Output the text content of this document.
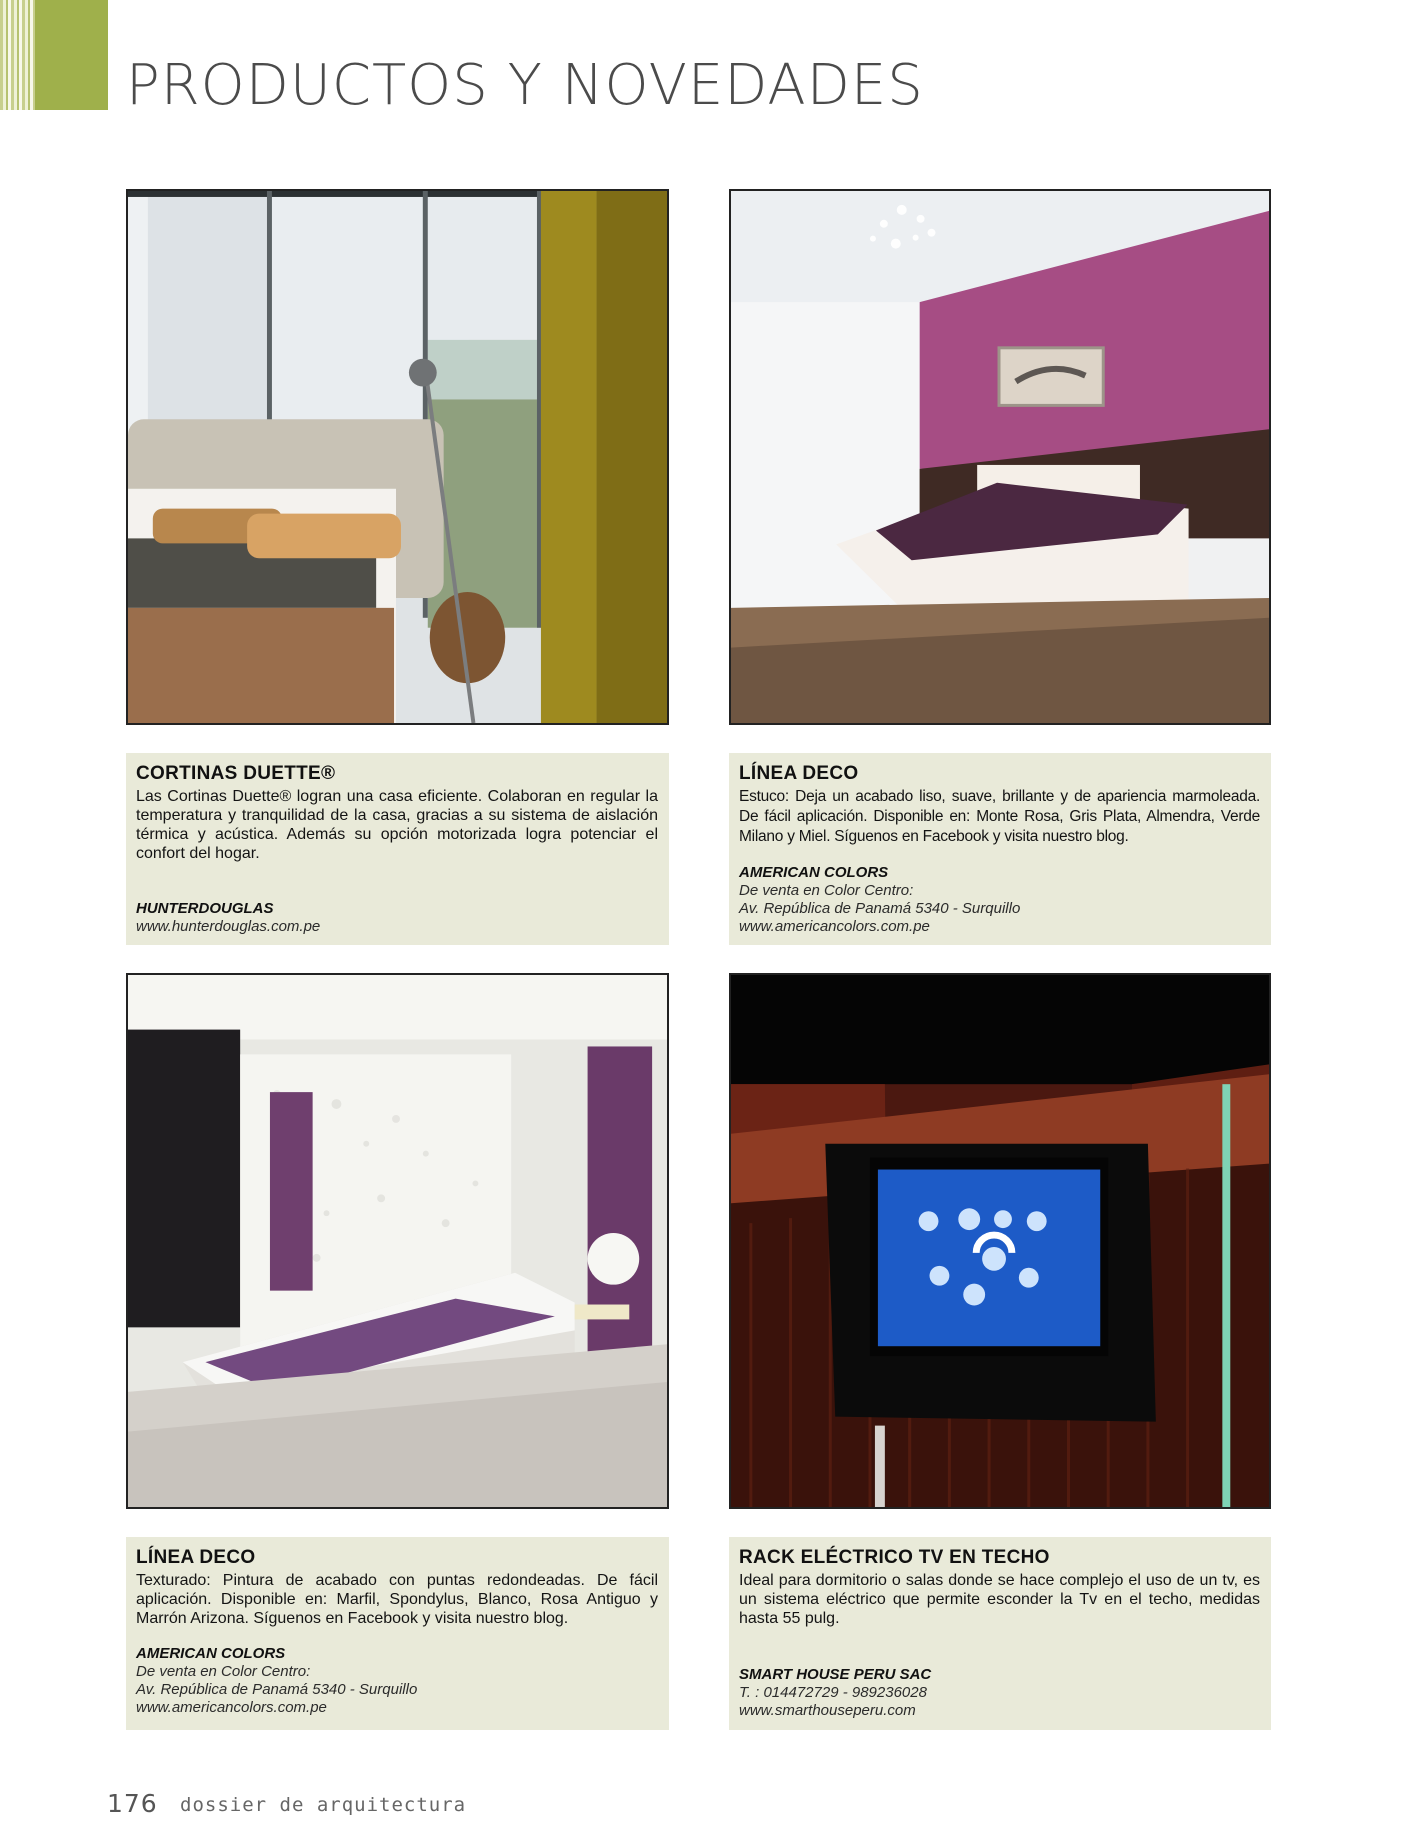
PRODUCTOS Y NOVEDADES
CORTINAS DUETTE®

Las Cortinas Duette® logran una casa eficiente. Colaboran en regular la temperatura y tranquilidad de la casa, gracias a su sistema de aislación térmica y acústica. Además su opción motorizada logra potenciar el confort del hogar.

HUNTERDOUGLAS

www.hunterdouglas.com.pe

LÍNEA DECO

Estuco: Deja un acabado liso, suave, brillante y de apariencia marmoleada. De fácil aplicación. Disponible en: Monte Rosa, Gris Plata, Almendra, Verde Milano y Miel. Síguenos en Facebook y visita nuestro blog.

AMERICAN COLORS

De venta en Color Centro:

Av. República de Panamá 5340 - Surquillo

www.americancolors.com.pe

LÍNEA DECO

Texturado: Pintura de acabado con puntas redondeadas. De fácil aplicación. Disponible en: Marfil, Spondylus, Blanco, Rosa Antiguo y Marrón Arizona. Síguenos en Facebook y visita nuestro blog.

AMERICAN COLORS

De venta en Color Centro:

Av. República de Panamá 5340 - Surquillo

www.americancolors.com.pe

RACK ELÉCTRICO TV EN TECHO

Ideal para dormitorio o salas donde se hace complejo el uso de un tv, es un sistema eléctrico que permite esconder la Tv en el techo, medidas hasta 55 pulg.

SMART HOUSE PERU SAC

T. : 014472729 - 989236028

www.smarthouseperu.com

176 dossier de arquitectura
